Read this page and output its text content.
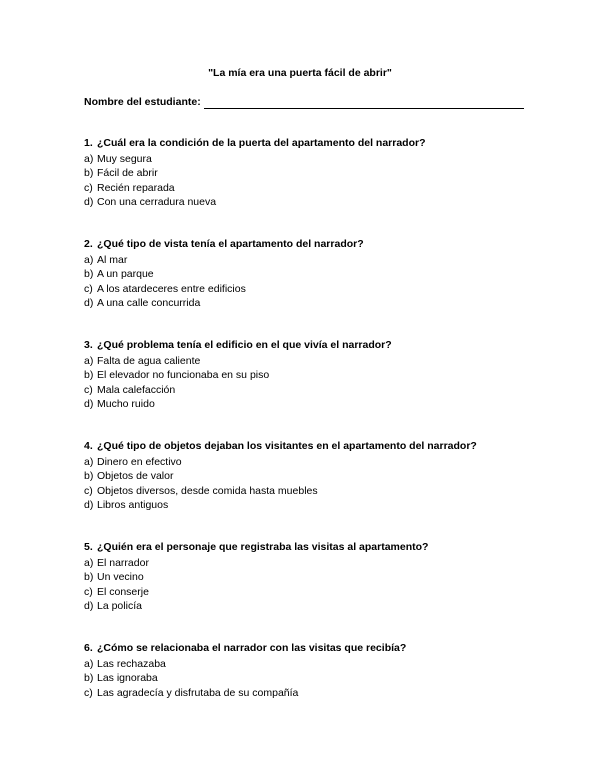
"La mía era una puerta fácil de abrir"
Nombre del estudiante:
1. ¿Cuál era la condición de la puerta del apartamento del narrador?
a) Muy segura
b) Fácil de abrir
c) Recién reparada
d) Con una cerradura nueva
2. ¿Qué tipo de vista tenía el apartamento del narrador?
a) Al mar
b) A un parque
c) A los atardeceres entre edificios
d) A una calle concurrida
3. ¿Qué problema tenía el edificio en el que vivía el narrador?
a) Falta de agua caliente
b) El elevador no funcionaba en su piso
c) Mala calefacción
d) Mucho ruido
4. ¿Qué tipo de objetos dejaban los visitantes en el apartamento del narrador?
a) Dinero en efectivo
b) Objetos de valor
c) Objetos diversos, desde comida hasta muebles
d) Libros antiguos
5. ¿Quién era el personaje que registraba las visitas al apartamento?
a) El narrador
b) Un vecino
c) El conserje
d) La policía
6. ¿Cómo se relacionaba el narrador con las visitas que recibía?
a) Las rechazaba
b) Las ignoraba
c) Las agradecía y disfrutaba de su compañía
